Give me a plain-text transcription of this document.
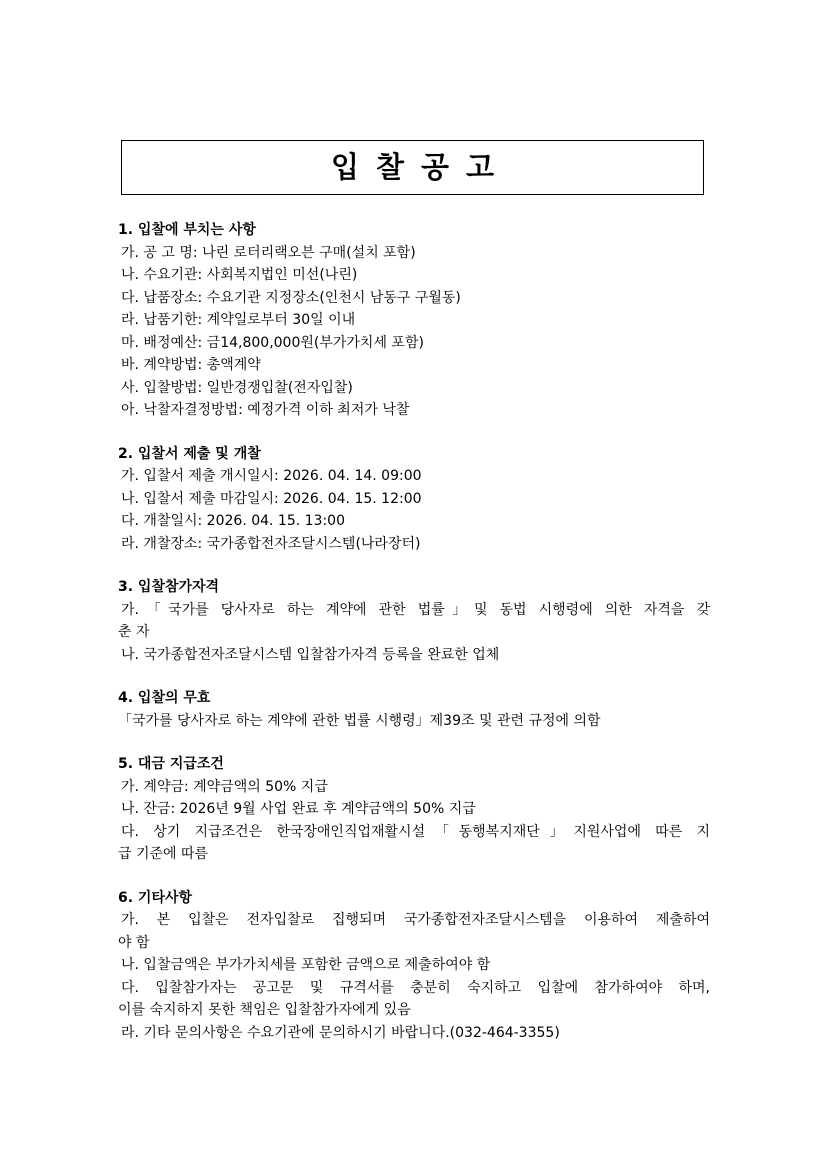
입찰공고
1. 입찰에 부치는 사항
가. 공 고 명: 나린 로터리랙오븐 구매(설치 포함)
나. 수요기관: 사회복지법인 미선(나린)
다. 납품장소: 수요기관 지정장소(인천시 남동구 구월동)
라. 납품기한: 계약일로부터 30일 이내
마. 배정예산: 금14,800,000원(부가가치세 포함)
바. 계약방법: 총액계약
사. 입찰방법: 일반경쟁입찰(전자입찰)
아. 낙찰자결정방법: 예정가격 이하 최저가 낙찰
2. 입찰서 제출 및 개찰
가. 입찰서 제출 개시일시: 2026. 04. 14. 09:00
나. 입찰서 제출 마감일시: 2026. 04. 15. 12:00
다. 개찰일시: 2026. 04. 15. 13:00
라. 개찰장소: 국가종합전자조달시스템(나라장터)
3. 입찰참가자격
가.「국가를 당사자로 하는 계약에 관한 법률」및 동법 시행령에 의한 자격을 갖
춘 자
나. 국가종합전자조달시스템 입찰참가자격 등록을 완료한 업체
4. 입찰의 무효
「국가를 당사자로 하는 계약에 관한 법률 시행령」제39조 및 관련 규정에 의함
5. 대금 지급조건
가. 계약금: 계약금액의 50% 지급
나. 잔금: 2026년 9월 사업 완료 후 계약금액의 50% 지급
다. 상기 지급조건은 한국장애인직업재활시설「동행복지재단」지원사업에 따른 지
급 기준에 따름
6. 기타사항
가. 본 입찰은 전자입찰로 집행되며 국가종합전자조달시스템을 이용하여 제출하여
야 함
나. 입찰금액은 부가가치세를 포함한 금액으로 제출하여야 함
다. 입찰참가자는 공고문 및 규격서를 충분히 숙지하고 입찰에 참가하여야 하며,
이를 숙지하지 못한 책임은 입찰참가자에게 있음
라. 기타 문의사항은 수요기관에 문의하시기 바랍니다.(032-464-3355)
